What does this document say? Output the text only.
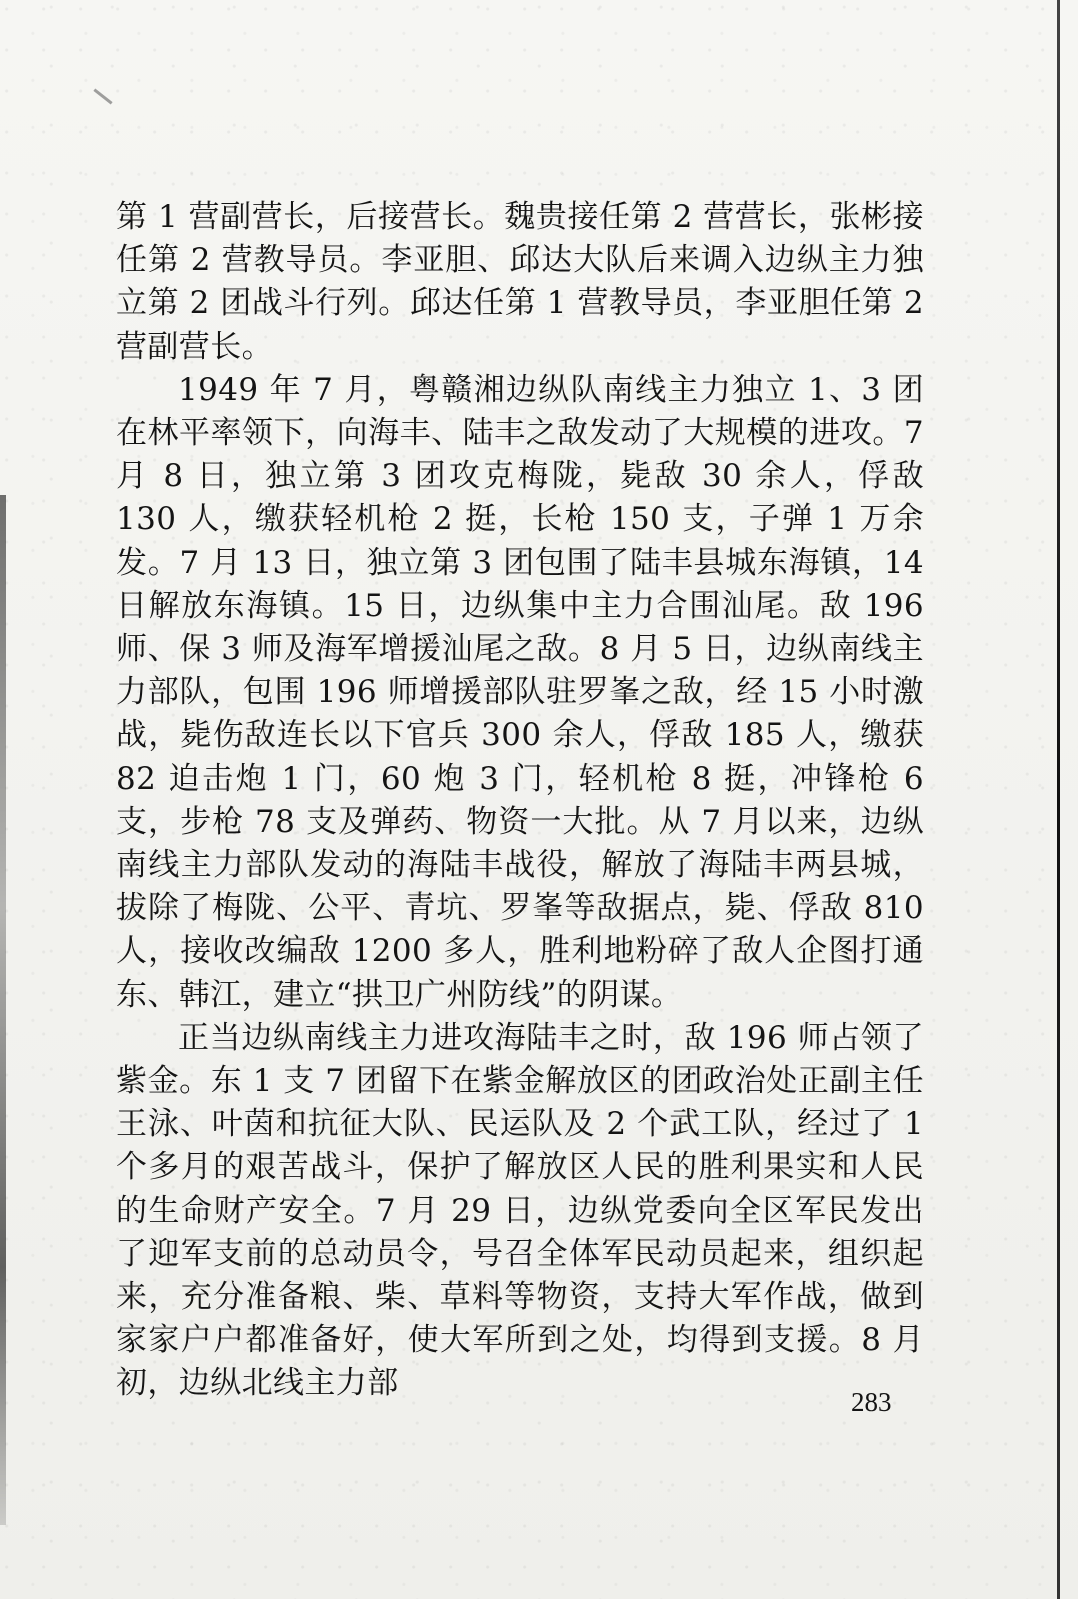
第 1 营副营长，后接营长。魏贵接任第 2 营营长，张彬接任第 2 营教导员。李亚胆、邱达大队后来调入边纵主力独立第 2 团战斗行列。邱达任第 1 营教导员，李亚胆任第 2 营副营长。

1949 年 7 月，粤赣湘边纵队南线主力独立 1、3 团在林平率领下，向海丰、陆丰之敌发动了大规模的进攻。7 月 8 日，独立第 3 团攻克梅陇，毙敌 30 余人，俘敌 130 人，缴获轻机枪 2 挺，长枪 150 支，子弹 1 万余发。7 月 13 日，独立第 3 团包围了陆丰县城东海镇，14 日解放东海镇。15 日，边纵集中主力合围汕尾。敌 196 师、保 3 师及海军增援汕尾之敌。8 月 5 日，边纵南线主力部队，包围 196 师增援部队驻罗峯之敌，经 15 小时激战，毙伤敌连长以下官兵 300 余人，俘敌 185 人，缴获 82 迫击炮 1 门，60 炮 3 门，轻机枪 8 挺，冲锋枪 6 支，步枪 78 支及弹药、物资一大批。从 7 月以来，边纵南线主力部队发动的海陆丰战役，解放了海陆丰两县城，拔除了梅陇、公平、青坑、罗峯等敌据点，毙、俘敌 810 人，接收改编敌 1200 多人，胜利地粉碎了敌人企图打通东、韩江，建立“拱卫广州防线”的阴谋。

正当边纵南线主力进攻海陆丰之时，敌 196 师占领了紫金。东 1 支 7 团留下在紫金解放区的团政治处正副主任王泳、叶茵和抗征大队、民运队及 2 个武工队，经过了 1 个多月的艰苦战斗，保护了解放区人民的胜利果实和人民的生命财产安全。7 月 29 日，边纵党委向全区军民发出了迎军支前的总动员令，号召全体军民动员起来，组织起来，充分准备粮、柴、草料等物资，支持大军作战，做到家家户户都准备好，使大军所到之处，均得到支援。8 月初，边纵北线主力部

283
